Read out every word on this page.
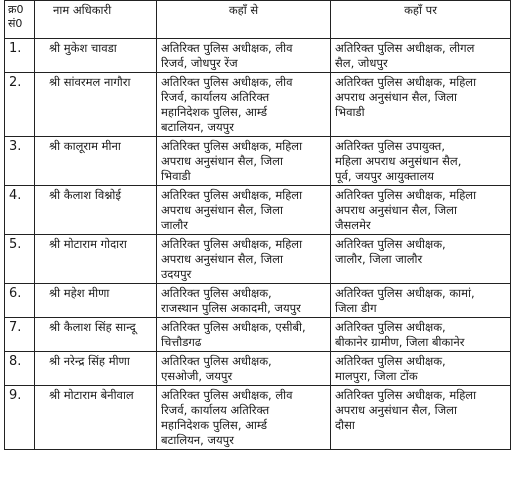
क्र0
सं0	नाम अधिकारी	कहाँ से	कहाँ पर
1.	श्री मुकेश चावडा	अतिरिक्त पुलिस अधीक्षक, लीव
रिजर्व, जोधपुर रेंज	अतिरिक्त पुलिस अधीक्षक, लीगल
सैल, जोधपुर

2.	श्री सांवरमल नागौरा	अतिरिक्त पुलिस अधीक्षक, लीव
रिजर्व, कार्यालय अतिरिक्त
महानिदेशक पुलिस, आर्म्ड
बटालियन, जयपुर	अतिरिक्त पुलिस अधीक्षक, महिला
अपराध अनुसंधान सैल, जिला
भिवाडी

3.	श्री कालूराम मीना	अतिरिक्त पुलिस अधीक्षक, महिला
अपराध अनुसंधान सैल, जिला
भिवाडी	अतिरिक्त पुलिस उपायुक्त,
महिला अपराध अनुसंधान सैल,
पूर्व, जयपुर आयुक्तालय

4.	श्री कैलाश विश्नोई	अतिरिक्त पुलिस अधीक्षक, महिला
अपराध अनुसंधान सैल, जिला
जालौर	अतिरिक्त पुलिस अधीक्षक, महिला
अपराध अनुसंधान सैल, जिला
जैसलमेर

5.	श्री मोटाराम गोदारा	अतिरिक्त पुलिस अधीक्षक, महिला
अपराध अनुसंधान सैल, जिला
उदयपुर	अतिरिक्त पुलिस अधीक्षक,
जालौर, जिला जालौर

6.	श्री महेश मीणा	अतिरिक्त पुलिस अधीक्षक,
राजस्थान पुलिस अकादमी, जयपुर	अतिरिक्त पुलिस अधीक्षक, कामां,
जिला डीग

7.	श्री कैलाश सिंह सान्दू	अतिरिक्त पुलिस अधीक्षक, एसीबी,
चित्तौडगढ	अतिरिक्त पुलिस अधीक्षक,
बीकानेर ग्रामीण, जिला बीकानेर

8.	श्री नरेन्द्र सिंह मीणा	अतिरिक्त पुलिस अधीक्षक,
एसओजी, जयपुर	अतिरिक्त पुलिस अधीक्षक,
मालपुरा, जिला टोंक

9.	श्री मोटाराम बेनीवाल	अतिरिक्त पुलिस अधीक्षक, लीव
रिजर्व, कार्यालय अतिरिक्त
महानिदेशक पुलिस, आर्म्ड
बटालियन, जयपुर	अतिरिक्त पुलिस अधीक्षक, महिला
अपराध अनुसंधान सैल, जिला
दौसा
